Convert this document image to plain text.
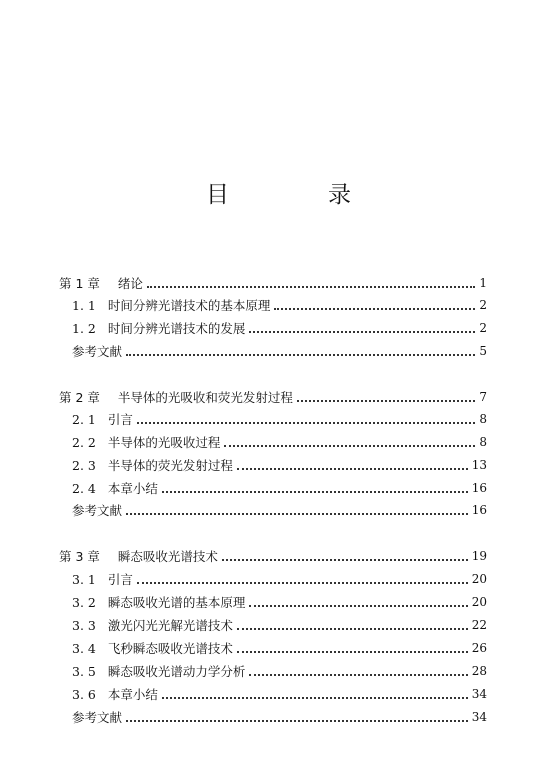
目　录
第 1 章 绪论	1
1. 1 时间分辨光谱技术的基本原理	2
1. 2 时间分辨光谱技术的发展	2
参考文献	5
第 2 章 半导体的光吸收和荧光发射过程	7
2. 1 引言	8
2. 2 半导体的光吸收过程	8
2. 3 半导体的荧光发射过程	13
2. 4 本章小结	16
参考文献	16
第 3 章 瞬态吸收光谱技术	19
3. 1 引言	20
3. 2 瞬态吸收光谱的基本原理	20
3. 3 激光闪光光解光谱技术	22
3. 4 飞秒瞬态吸收光谱技术	26
3. 5 瞬态吸收光谱动力学分析	28
3. 6 本章小结	34
参考文献	34
